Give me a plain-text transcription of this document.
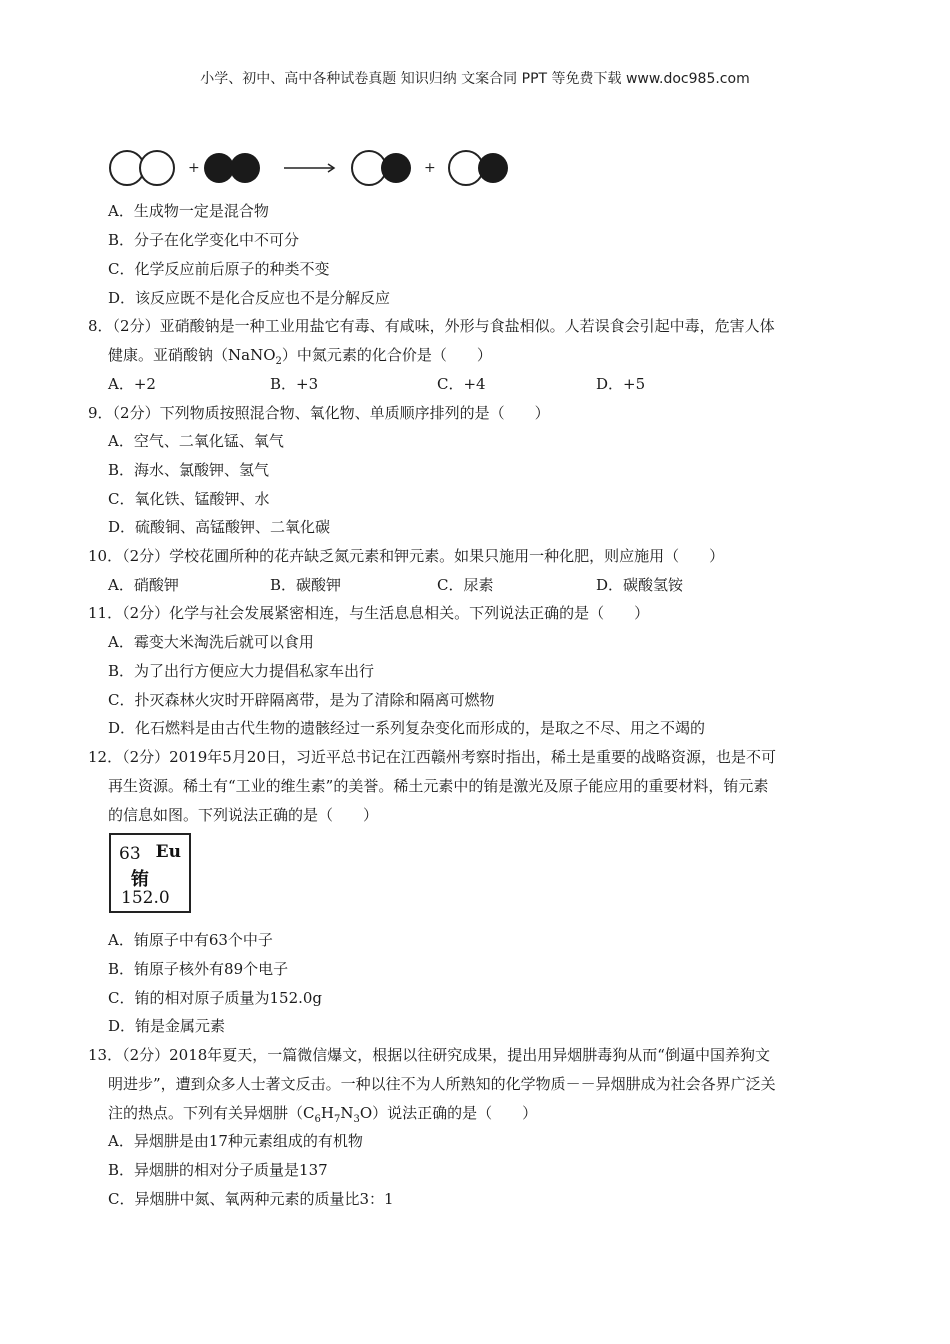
小学、初中、高中各种试卷真题 知识归纳 文案合同 PPT 等免费下载 www.doc985.com
+	+
A．生成物一定是混合物
B．分子在化学变化中不可分
C．化学反应前后原子的种类不变
D．该反应既不是化合反应也不是分解反应
8．（2分）亚硝酸钠是一种工业用盐它有毒、有咸味，外形与食盐相似。人若误食会引起中毒，危害人体
健康。亚硝酸钠（NaNO$_2$）中氮元素的化合价是（　　）
A．+2	B．+3	C．+4	D．+5
9．（2分）下列物质按照混合物、氧化物、单质顺序排列的是（　　）
A．空气、二氧化锰、氧气
B．海水、氯酸钾、氢气
C．氧化铁、锰酸钾、水
D．硫酸铜、高锰酸钾、二氧化碳
10．（2分）学校花圃所种的花卉缺乏氮元素和钾元素。如果只施用一种化肥，则应施用（　　）
A．硝酸钾	B．碳酸钾	C．尿素	D．碳酸氢铵
11．（2分）化学与社会发展紧密相连，与生活息息相关。下列说法正确的是（　　）
A．霉变大米淘洗后就可以食用
B．为了出行方便应大力提倡私家车出行
C．扑灭森林火灾时开辟隔离带，是为了清除和隔离可燃物
D．化石燃料是由古代生物的遗骸经过一系列复杂变化而形成的，是取之不尽、用之不竭的
12．（2分）2019年5月20日，习近平总书记在江西赣州考察时指出，稀土是重要的战略资源，也是不可
再生资源。稀土有“工业的维生素”的美誉。稀土元素中的铕是激光及原子能应用的重要材料，铕元素
的信息如图。下列说法正确的是（　　）
63 Eu
铕
152.0
A．铕原子中有63个中子
B．铕原子核外有89个电子
C．铕的相对原子质量为152.0g
D．铕是金属元素
13．（2分）2018年夏天，一篇微信爆文，根据以往研究成果，提出用异烟肼毒狗从而“倒逼中国养狗文
明进步”，遭到众多人士著文反击。一种以往不为人所熟知的化学物质－－异烟肼成为社会各界广泛关
注的热点。下列有关异烟肼$(C_6H_7N_3O)$说法正确的是（　　）
A．异烟肼是由17种元素组成的有机物
B．异烟肼的相对分子质量是137
C．异烟肼中氮、氧两种元素的质量比3：1
